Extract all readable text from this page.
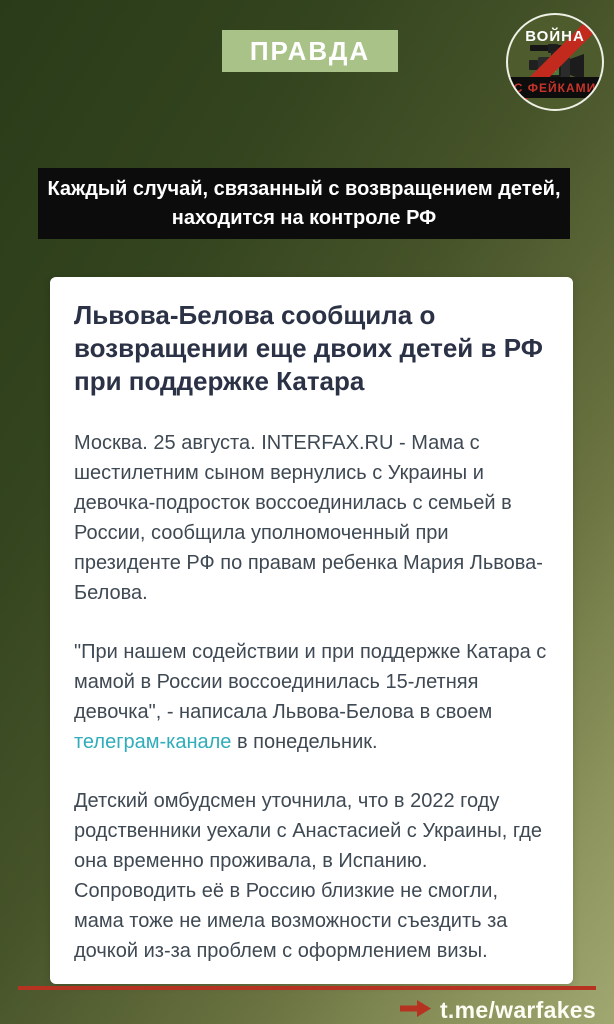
ПРАВДА	ВОЙНА
С ФЕЙКАМИ
Каждый случай, связанный с возвращением детей, находится на контроле РФ
Львова-Белова сообщила о возвращении еще двоих детей в РФ при поддержке Катара

Москва. 25 августа. INTERFAX.RU - Мама с шестилетним сыном вернулись с Украины и девочка-подросток воссоединилась с семьей в России, сообщила уполномоченный при президенте РФ по правам ребенка Мария Львова-Белова.

"При нашем содействии и при поддержке Катара с мамой в России воссоединилась 15-летняя девочка", - написала Львова-Белова в своем телеграм-канале в понедельник.

Детский омбудсмен уточнила, что в 2022 году родственники уехали с Анастасией с Украины, где она временно проживала, в Испанию. Сопроводить её в Россию близкие не смогли, мама тоже не имела возможности съездить за дочкой из-за проблем с оформлением визы.

t.me/warfakes
